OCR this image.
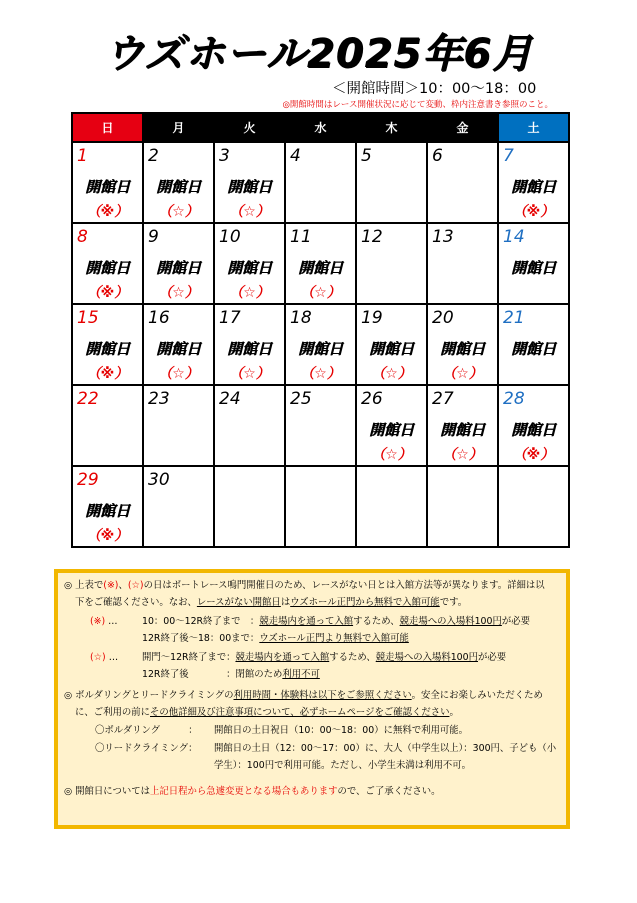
ウズホール2025年6月
＜開館時間＞10：00～18：00
◎開館時間はレース開催状況に応じて変動、枠内注意書き参照のこと。
日	月	火	水	木	金	土

1
開館日
（※）	2
開館日
（☆）	3
開館日
（☆）	4	5	6	7
開館日
（※）

8
開館日
（※）	9
開館日
（☆）	10
開館日
（☆）	11
開館日
（☆）	12	13	14
開館日

15
開館日
（※）	16
開館日
（☆）	17
開館日
（☆）	18
開館日
（☆）	19
開館日
（☆）	20
開館日
（☆）	21
開館日

22	23	24	25	26
開館日
（☆）	27
開館日
（☆）	28
開館日
（※）

29
開館日
（※）	30					

◎ 上表で(※)、(☆)の日はボートレース鳴門開催日のため、レースがない日とは入館方法等が異なります。詳細は以
下をご確認ください。なお、レースがない開館日はウズホール正門から無料で入館可能です。
(※) …	10：00～12R終了まで　：競走場内を通って入館するため、競走場への入場料100円が必要
12R終了後～18：00まで：ウズホール正門より無料で入館可能
(☆) …	開門～12R終了まで：競走場内を通って入館するため、競走場への入場料100円が必要
12R終了後　　　　：閉館のため利用不可
◎ ボルダリングとリードクライミングの利用時間・体験料は以下をご参照ください。安全にお楽しみいただくため
に、ご利用の前にその他詳細及び注意事項について、必ずホームページをご確認ください。
〇ボルダリング　　　： 開館日の土日祝日（10：00～18：00）に無料で利用可能。
〇リードクライミング： 開館日の土日（12：00～17：00）に、大人（中学生以上）：300円、子ども（小
学生）：100円で利用可能。ただし、小学生未満は利用不可。
◎ 開館日については上記日程から急遽変更となる場合もありますので、ご了承ください。
